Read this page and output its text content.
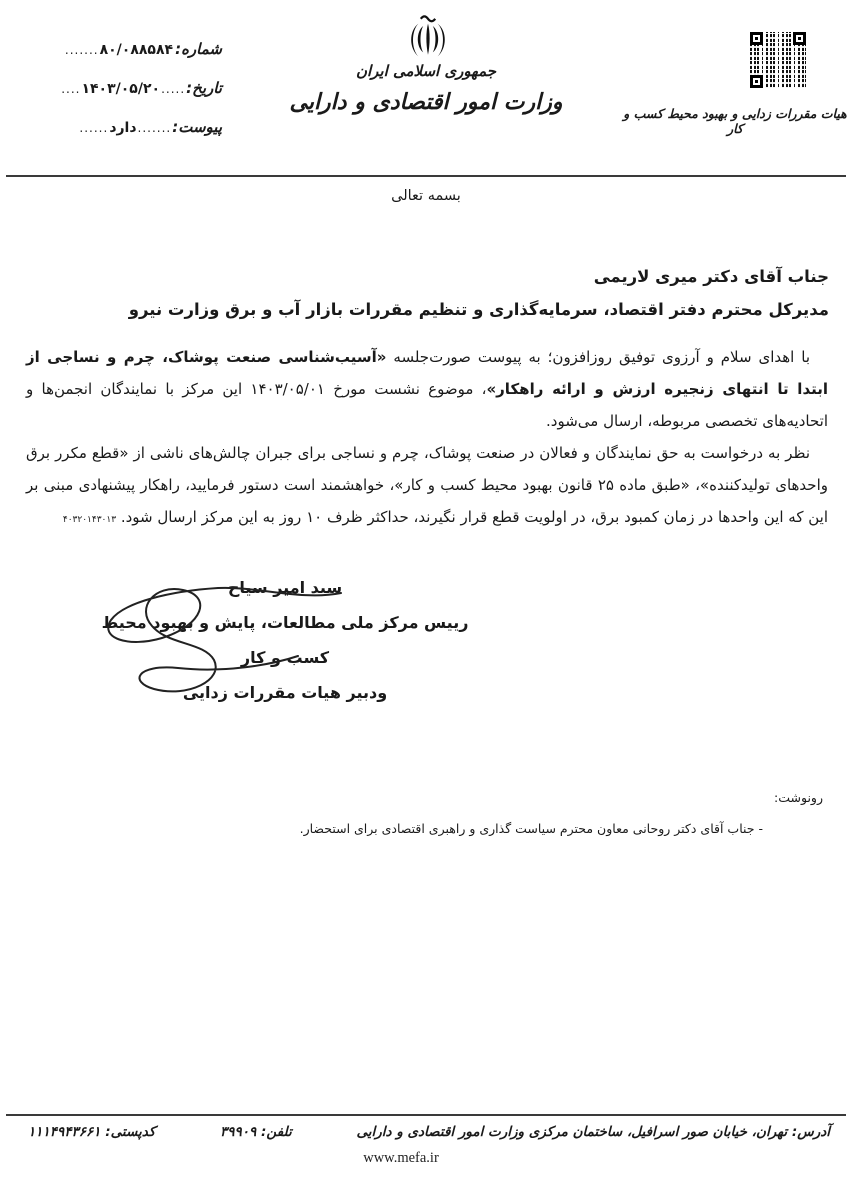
شماره:
۸۰/۰۸۸۵۸۴
.......
تاریخ:
.....
۱۴۰۳/۰۵/۲۰
....
پیوست:
.......
دارد
......
جمهوری اسلامی ایران
وزارت امور اقتصادی و دارایی	هیات مقررات زدایی و بهبود محیط کسب و کار
بسمه تعالی
جناب آقای دکتر میری لاریمی
مدیرکل محترم دفتر اقتصاد، سرمایه‌گذاری و تنظیم مقررات بازار آب و برق وزارت نیرو

با اهدای سلام و آرزوی توفیق روزافزون؛ به پیوست صورت‌جلسه «آسیب‌شناسی صنعت پوشاک، چرم و نساجی از ابتدا تا انتهای زنجیره ارزش و ارائه راهکار»، موضوع نشست مورخ ۱۴۰۳/۰۵/۰۱ این مرکز با نمایندگان انجمن‌ها و اتحادیه‌های تخصصی مربوطه، ارسال می‌شود.

نظر به درخواست به حق نمایندگان و فعالان در صنعت پوشاک، چرم و نساجی برای جبران چالش‌های ناشی از «قطع مکرر برق واحدهای تولیدکننده»، «طبق ماده ۲۵ قانون بهبود محیط کسب و کار»، خواهشمند است دستور فرمایید، راهکار پیشنهادی مبنی بر این که این واحدها در زمان کمبود برق، در اولویت قطع قرار نگیرند، حداکثر ظرف ۱۰ روز به این مرکز ارسال شود. ۴۰۳۲۰۱۴۳۰۱۳

سید امیر سیاح
رییس مرکز ملی مطالعات، پایش و بهبود محیط کسب و کار
ودبیر هیات مقررات زدایی
رونوشت:
- جناب آقای دکتر روحانی معاون محترم سیاست گذاری و راهبری اقتصادی برای استحضار.
آدرس: تهران، خیابان صور اسرافیل، ساختمان مرکزی وزارت امور اقتصادی و دارایی
تلفن: ۳۹۹۰۹
کدپستی: ۱۱۱۴۹۴۳۶۶۱
www.mefa.ir
